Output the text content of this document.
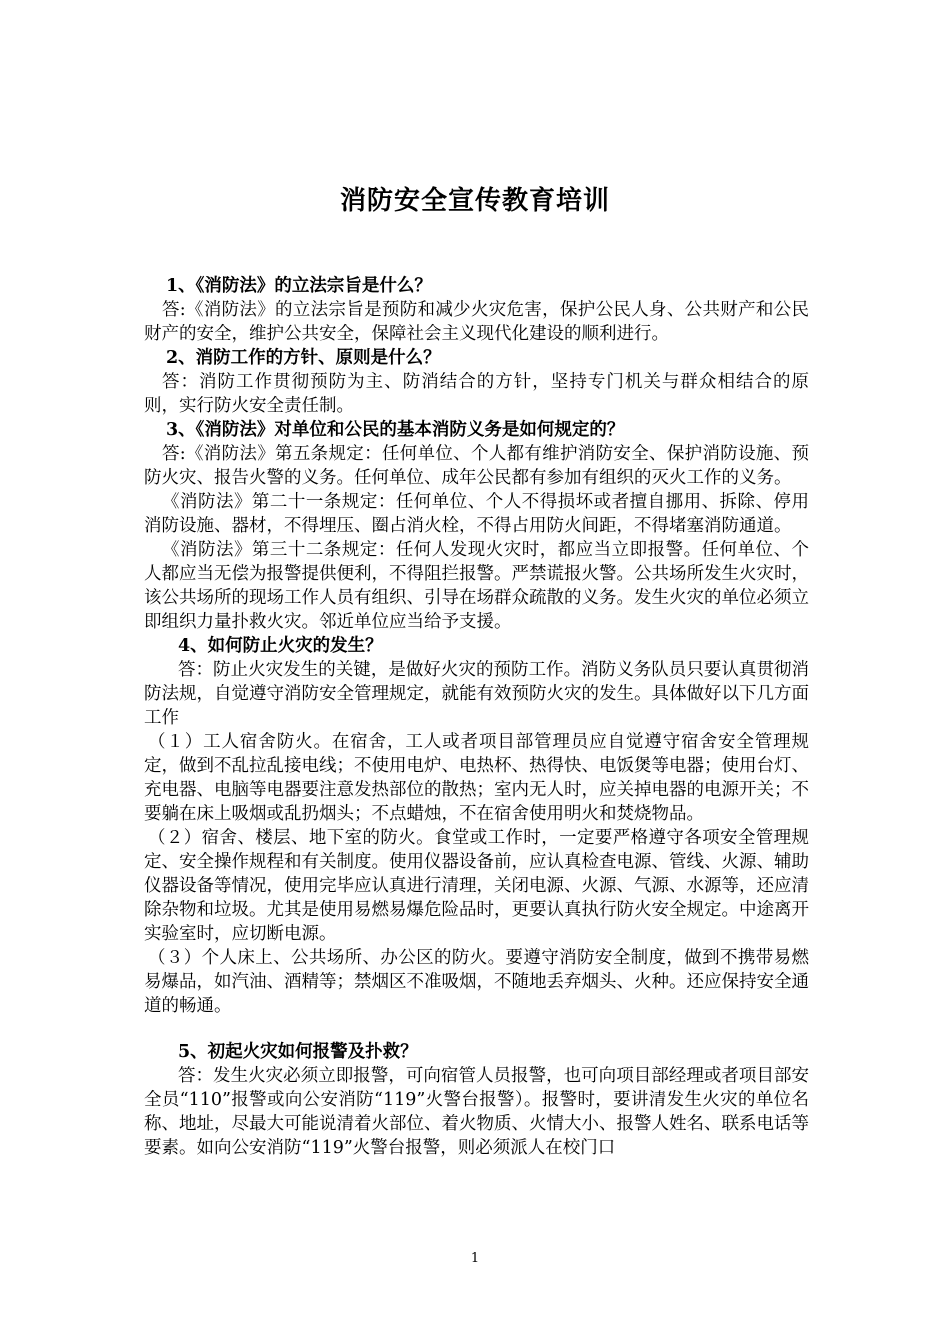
消防安全宣传教育培训

1、《消防法》的立法宗旨是什么？

答:《消防法》的立法宗旨是预防和减少火灾危害，保护公民人身、公共财产和公民财产的安全，维护公共安全，保障社会主义现代化建设的顺利进行。

2、消防工作的方针、原则是什么？

答：消防工作贯彻预防为主、防消结合的方针，坚持专门机关与群众相结合的原则，实行防火安全责任制。

3、《消防法》对单位和公民的基本消防义务是如何规定的？

答:《消防法》第五条规定：任何单位、个人都有维护消防安全、保护消防设施、预防火灾、报告火警的义务。任何单位、成年公民都有参加有组织的灭火工作的义务。

《消防法》第二十一条规定：任何单位、个人不得损坏或者擅自挪用、拆除、停用消防设施、器材，不得埋压、圈占消火栓，不得占用防火间距，不得堵塞消防通道。

《消防法》第三十二条规定：任何人发现火灾时，都应当立即报警。任何单位、个人都应当无偿为报警提供便利，不得阻拦报警。严禁谎报火警。公共场所发生火灾时，该公共场所的现场工作人员有组织、引导在场群众疏散的义务。发生火灾的单位必须立即组织力量扑救火灾。邻近单位应当给予支援。

4、如何防止火灾的发生？

答：防止火灾发生的关键，是做好火灾的预防工作。消防义务队员只要认真贯彻消防法规，自觉遵守消防安全管理规定，就能有效预防火灾的发生。具体做好以下几方面工作

（１）工人宿舍防火。在宿舍，工人或者项目部管理员应自觉遵守宿舍安全管理规定，做到不乱拉乱接电线；不使用电炉、电热杯、热得快、电饭煲等电器；使用台灯、充电器、电脑等电器要注意发热部位的散热；室内无人时，应关掉电器的电源开关；不要躺在床上吸烟或乱扔烟头；不点蜡烛，不在宿舍使用明火和焚烧物品。

（２）宿舍、楼层、地下室的防火。食堂或工作时，一定要严格遵守各项安全管理规定、安全操作规程和有关制度。使用仪器设备前，应认真检查电源、管线、火源、辅助仪器设备等情况，使用完毕应认真进行清理，关闭电源、火源、气源、水源等，还应清除杂物和垃圾。尤其是使用易燃易爆危险品时，更要认真执行防火安全规定。中途离开实验室时，应切断电源。

（３）个人床上、公共场所、办公区的防火。要遵守消防安全制度，做到不携带易燃易爆品，如汽油、酒精等；禁烟区不准吸烟，不随地丢弃烟头、火种。还应保持安全通道的畅通。

5、初起火灾如何报警及扑救？

答：发生火灾必须立即报警，可向宿管人员报警，也可向项目部经理或者项目部安全员“110”报警或向公安消防“119”火警台报警）。报警时，要讲清发生火灾的单位名称、地址，尽最大可能说清着火部位、着火物质、火情大小、报警人姓名、联系电话等要素。如向公安消防“119”火警台报警，则必须派人在校门口

1
